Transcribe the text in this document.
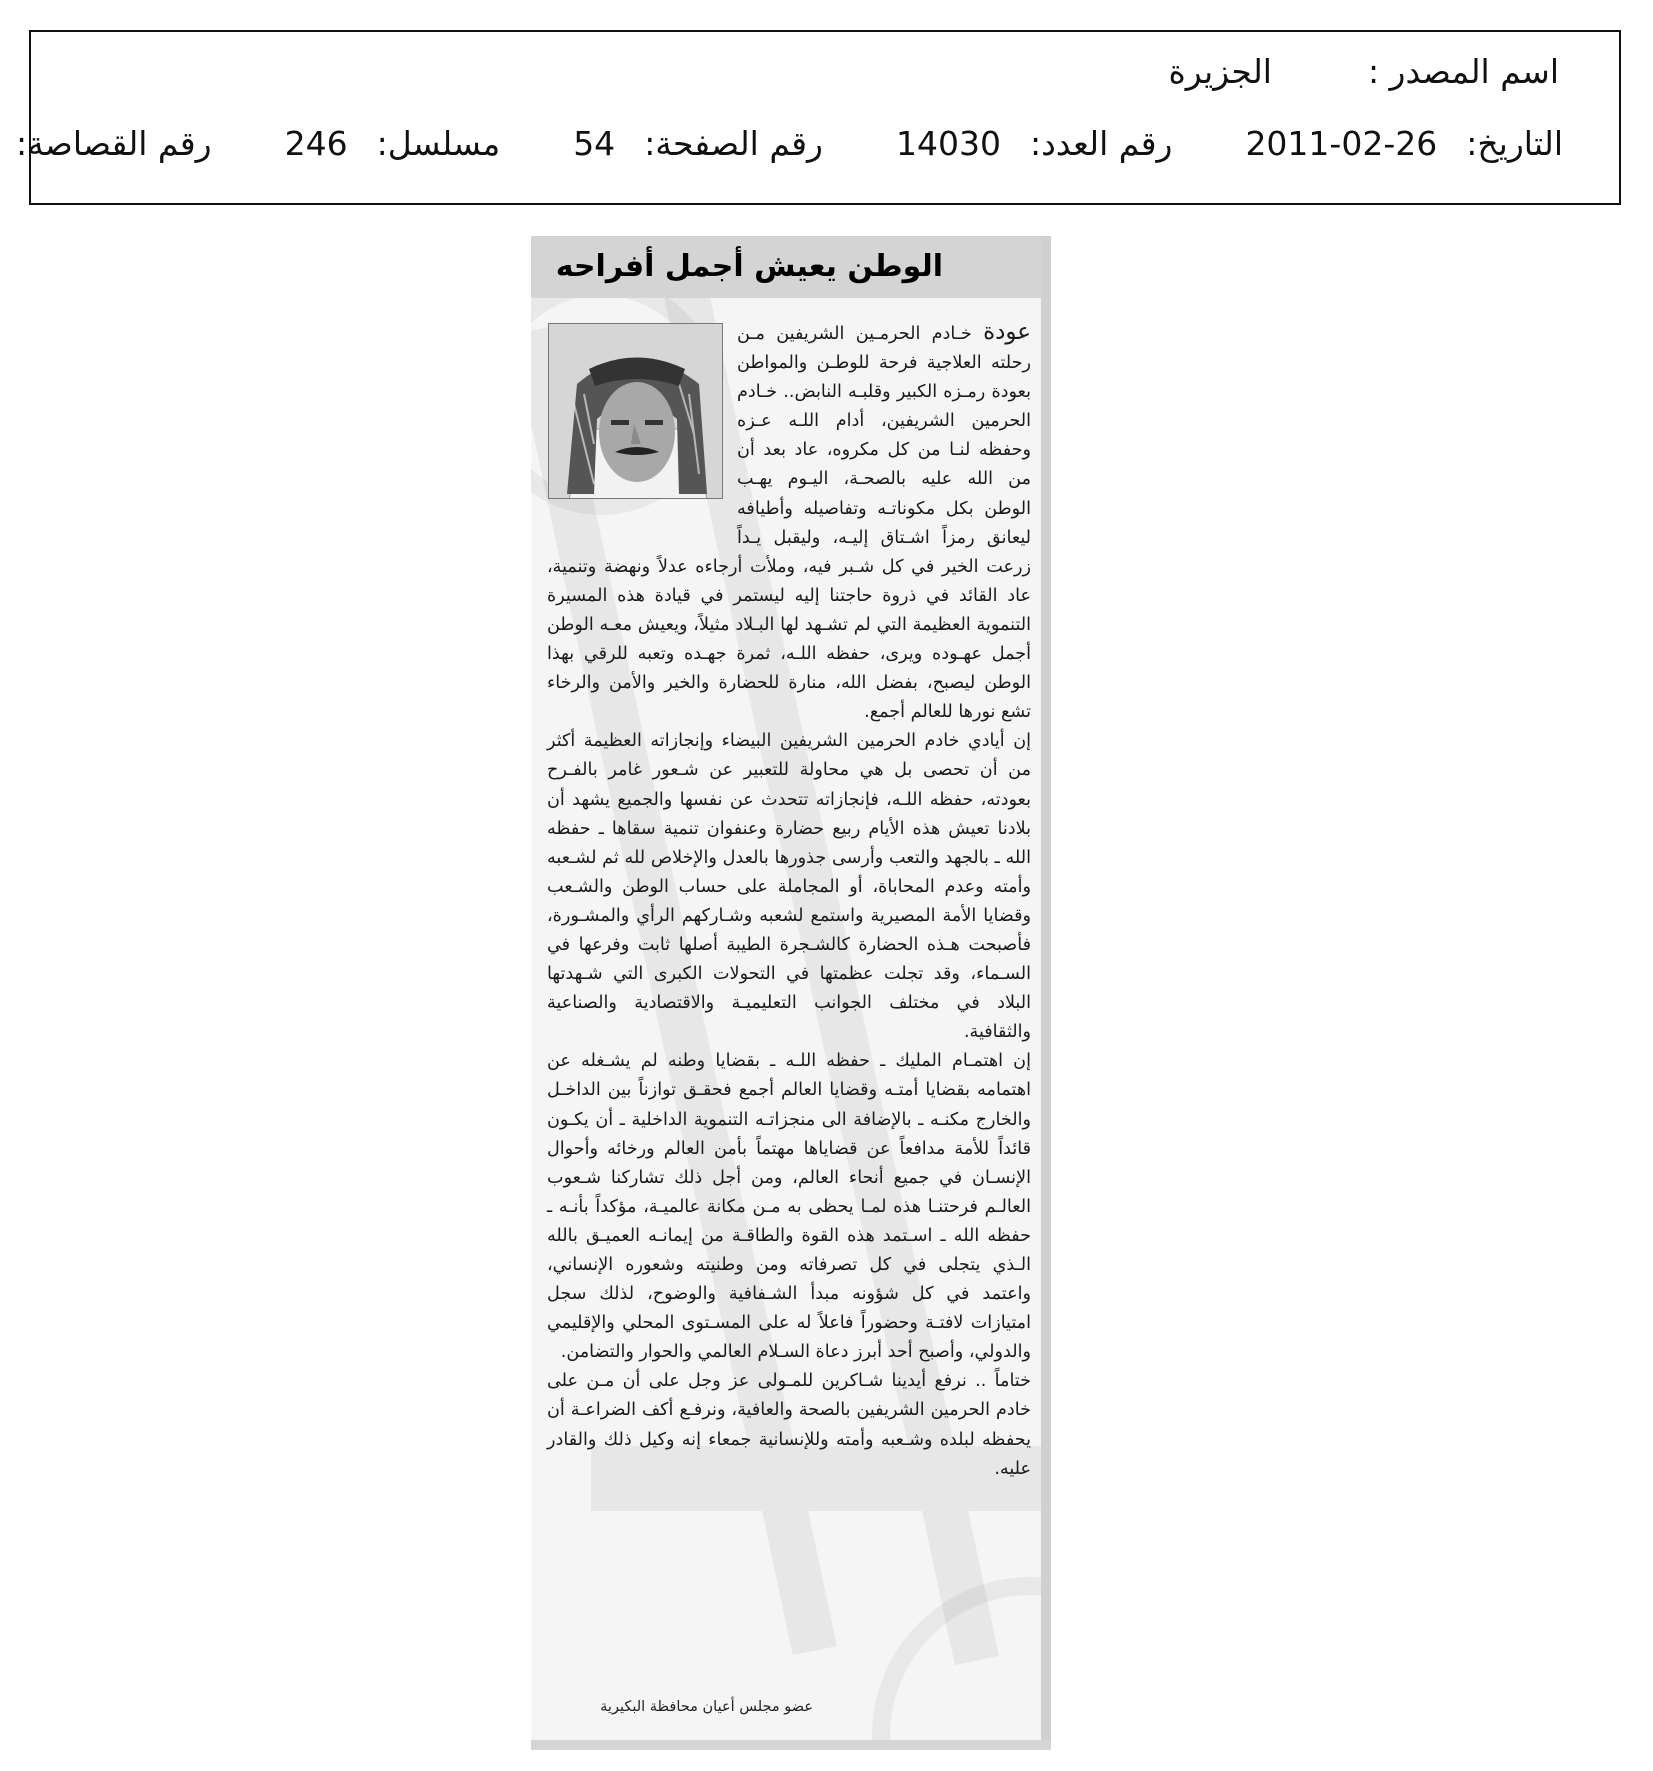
اسم المصدر :  الجزيرة
التاريخ:  2011-02-26  رقم العدد:  14030  رقم الصفحة:  54  مسلسل:  246  رقم القصاصة:
الوطن يعيش أجمل أفراحه

عودة خـادم الحرمـين الشريفين مـن رحلته العلاجية فرحة للوطـن والمواطن بعودة رمـزه الكبير وقلبـه النابض.. خـادم الحرمين الشريفين، أدام اللـه عـزه وحفظه لنـا من كل مكروه، عاد بعد أن من الله عليه بالصحـة، اليـوم يهـب الوطن بكل مكوناتـه وتفاصيله وأطيافه ليعانق رمزاً اشـتاق إليـه، وليقبل يـداً زرعت الخير في كل شـبر فيه، وملأت أرجاءه عدلاً ونهضة وتنمية، عاد القائد في ذروة حاجتنا إليه ليستمر في قيادة هذه المسيرة التنموية العظيمة التي لم تشـهد لها البـلاد مثيلاً، ويعيش معـه الوطن أجمل عهـوده ويرى، حفظه اللـه، ثمرة جهـده وتعبه للرقي بهذا الوطن ليصبح، بفضل الله، منارة للحضارة والخير والأمن والرخاء تشع نورها للعالم أجمع.

إن أيادي خادم الحرمين الشريفين البيضاء وإنجازاته العظيمة أكثر من أن تحصى بل هي محاولة للتعبير عن شـعور غامر بالفـرح بعودته، حفظه اللـه، فإنجازاته تتحدث عن نفسها والجميع يشهد أن بلادنا تعيش هذه الأيام ربيع حضارة وعنفوان تنمية سقاها ـ حفظه الله ـ بالجهد والتعب وأرسى جذورها بالعدل والإخلاص لله ثم لشـعبه وأمته وعدم المحاباة، أو المجاملة على حساب الوطن والشـعب وقضايا الأمة المصيرية واستمع لشعبه وشـاركهم الرأي والمشـورة، فأصبحت هـذه الحضارة كالشـجرة الطيبة أصلها ثابت وفرعها في السـماء، وقد تجلت عظمتها في التحولات الكبرى التي شـهدتها البلاد في مختلف الجوانب التعليميـة والاقتصادية والصناعية والثقافية.

إن اهتمـام المليك ـ حفظه اللـه ـ بقضايا وطنه لم يشـغله عن اهتمامه بقضايا أمتـه وقضايا العالم أجمع فحقـق توازناً بين الداخـل والخارج مكنـه ـ بالإضافة الى منجزاتـه التنموية الداخلية ـ أن يكـون قائداً للأمة مدافعاً عن قضاياها مهتماً بأمن العالم ورخائه وأحوال الإنسـان في جميع أنحاء العالم، ومن أجل ذلك تشاركنا شـعوب العالـم فرحتنـا هذه لمـا يحظى به مـن مكانة عالميـة، مؤكداً بأنـه ـ حفظه الله ـ اسـتمد هذه القوة والطاقـة من إيمانـه العميـق بالله الـذي يتجلى في كل تصرفاته ومن وطنيته وشعوره الإنساني، واعتمد في كل شؤونه مبدأ الشـفافية والوضوح، لذلك سجل امتيازات لافتـة وحضوراً فاعلاً له على المسـتوى المحلي والإقليمي والدولي، وأصبح أحد أبرز دعاة السـلام العالمي والحوار والتضامن.

ختاماً .. نرفع أيدينا شـاكرين للمـولى عز وجل على أن مـن على خادم الحرمين الشريفين بالصحة والعافية، ونرفـع أكف الضراعـة أن يحفظه لبلده وشـعبه وأمته وللإنسانية جمعاء إنه وكيل ذلك والقادر عليه.

عضو مجلس أعيان محافظة البكيرية
